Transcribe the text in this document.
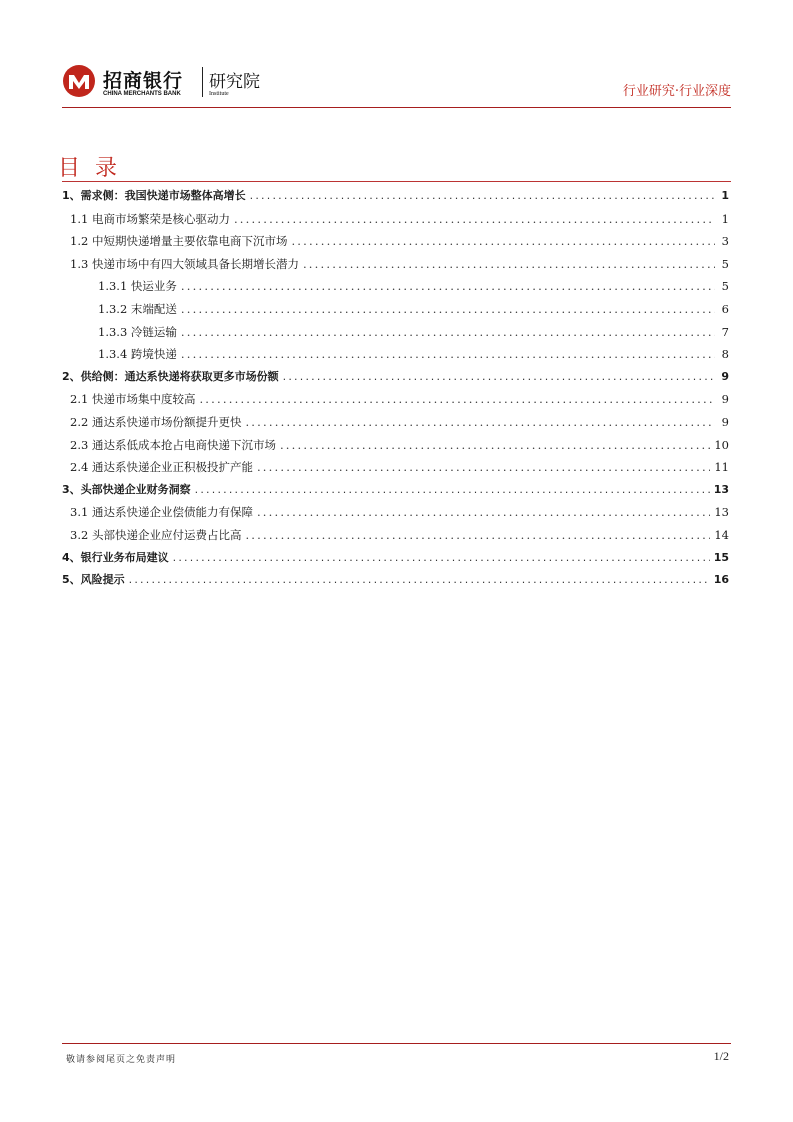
招商银行
CHINA MERCHANTS BANK
研究院
Institute	行业研究·行业深度
目 录
1、需求侧：我国快递市场整体高增长 .....	1
1.1 电商市场繁荣是核心驱动力 .....	1
1.2 中短期快递增量主要依靠电商下沉市场 .....	3
1.3 快递市场中有四大领域具备长期增长潜力 .....	5
1.3.1 快运业务 .....	5
1.3.2 末端配送 .....	6
1.3.3 冷链运输 .....	7
1.3.4 跨境快递 .....	8
2、供给侧：通达系快递将获取更多市场份额 .....	9
2.1 快递市场集中度较高 .....	9
2.2 通达系快递市场份额提升更快 .....	9
2.3 通达系低成本抢占电商快递下沉市场 .....	10
2.4 通达系快递企业正积极投扩产能 .....	11
3、头部快递企业财务洞察 .....	13
3.1 通达系快递企业偿债能力有保障 .....	13
3.2 头部快递企业应付运费占比高 .....	14
4、银行业务布局建议 .....	15
5、风险提示 .....	16
敬请参阅尾页之免责声明	1/2
